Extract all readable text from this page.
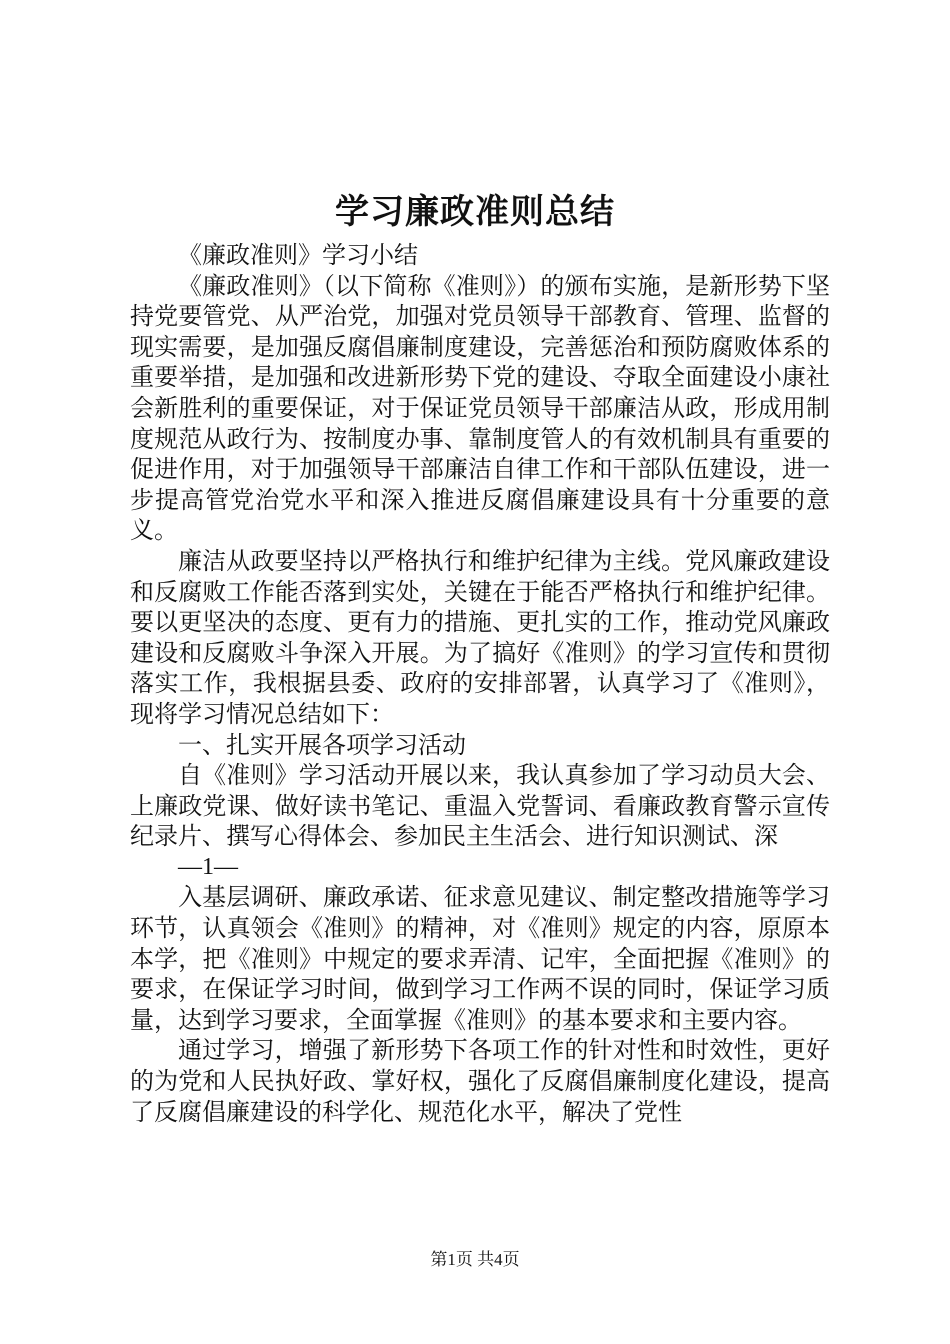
学习廉政准则总结

《廉政准则》学习小结

《廉政准则》（以下简称《准则》）的颁布实施，是新形势下坚持党要管党、从严治党，加强对党员领导干部教育、管理、监督的现实需要，是加强反腐倡廉制度建设，完善惩治和预防腐败体系的重要举措，是加强和改进新形势下党的建设、夺取全面建设小康社会新胜利的重要保证，对于保证党员领导干部廉洁从政，形成用制度规范从政行为、按制度办事、靠制度管人的有效机制具有重要的促进作用，对于加强领导干部廉洁自律工作和干部队伍建设，进一步提高管党治党水平和深入推进反腐倡廉建设具有十分重要的意义。

廉洁从政要坚持以严格执行和维护纪律为主线。党风廉政建设和反腐败工作能否落到实处，关键在于能否严格执行和维护纪律。要以更坚决的态度、更有力的措施、更扎实的工作，推动党风廉政建设和反腐败斗争深入开展。为了搞好《准则》的学习宣传和贯彻落实工作，我根据县委、政府的安排部署，认真学习了《准则》，现将学习情况总结如下：

一、扎实开展各项学习活动

自《准则》学习活动开展以来，我认真参加了学习动员大会、上廉政党课、做好读书笔记、重温入党誓词、看廉政教育警示宣传纪录片、撰写心得体会、参加民主生活会、进行知识测试、深

—1—

入基层调研、廉政承诺、征求意见建议、制定整改措施等学习环节，认真领会《准则》的精神，对《准则》规定的内容，原原本本学，把《准则》中规定的要求弄清、记牢，全面把握《准则》的要求，在保证学习时间，做到学习工作两不误的同时，保证学习质量，达到学习要求，全面掌握《准则》的基本要求和主要内容。

通过学习，增强了新形势下各项工作的针对性和时效性，更好的为党和人民执好政、掌好权，强化了反腐倡廉制度化建设，提高了反腐倡廉建设的科学化、规范化水平，解决了党性

第1页 共4页
